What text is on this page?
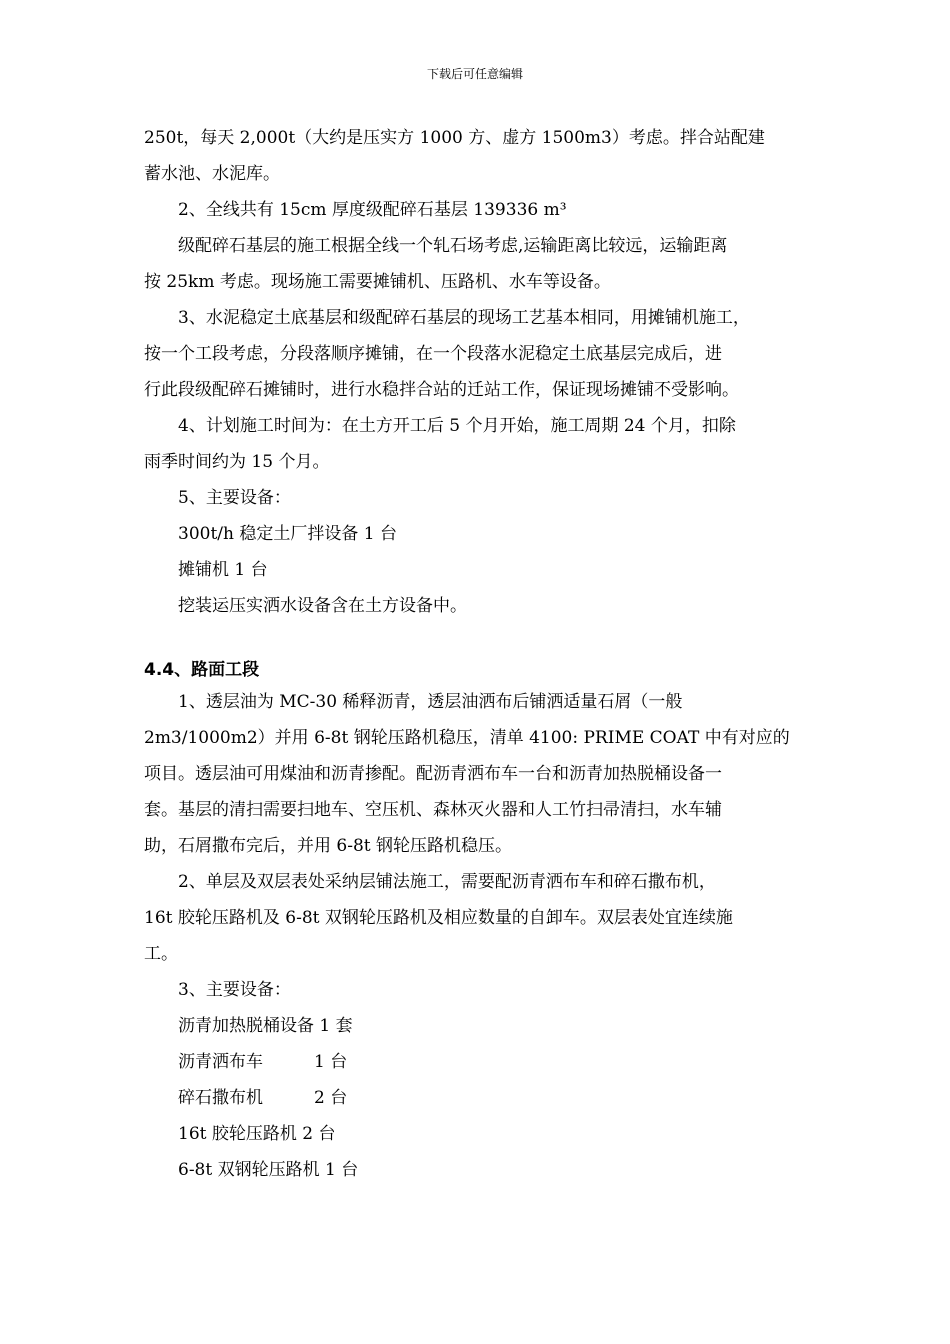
下载后可任意编辑
250t，每天 2,000t（大约是压实方 1000 方、虚方 1500m3）考虑。拌合站配建
蓄水池、水泥库。
2、全线共有 15cm 厚度级配碎石基层 139336 m³
级配碎石基层的施工根据全线一个轧石场考虑,运输距离比较远，运输距离
按 25km 考虑。现场施工需要摊铺机、压路机、水车等设备。
3、水泥稳定土底基层和级配碎石基层的现场工艺基本相同，用摊铺机施工，
按一个工段考虑，分段落顺序摊铺，在一个段落水泥稳定土底基层完成后，进
行此段级配碎石摊铺时，进行水稳拌合站的迁站工作，保证现场摊铺不受影响。
4、计划施工时间为：在土方开工后 5 个月开始，施工周期 24 个月，扣除
雨季时间约为 15 个月。
5、主要设备：
300t/h 稳定土厂拌设备 1 台
摊铺机 1 台
挖装运压实洒水设备含在土方设备中。
4.4、路面工段
1、透层油为 MC-30 稀释沥青，透层油洒布后铺洒适量石屑（一般
2m3/1000m2）并用 6-8t 钢轮压路机稳压，清单 4100: PRIME COAT 中有对应的
项目。透层油可用煤油和沥青掺配。配沥青洒布车一台和沥青加热脱桶设备一
套。基层的清扫需要扫地车、空压机、森林灭火器和人工竹扫帚清扫，水车辅
助，石屑撒布完后，并用 6-8t 钢轮压路机稳压。
2、单层及双层表处采纳层铺法施工，需要配沥青洒布车和碎石撒布机，
16t 胶轮压路机及 6-8t 双钢轮压路机及相应数量的自卸车。双层表处宜连续施
工。
3、主要设备：
沥青加热脱桶设备 1 套
沥青洒布车	1 台
碎石撒布机	2 台
16t 胶轮压路机 2 台
6-8t 双钢轮压路机 1 台
